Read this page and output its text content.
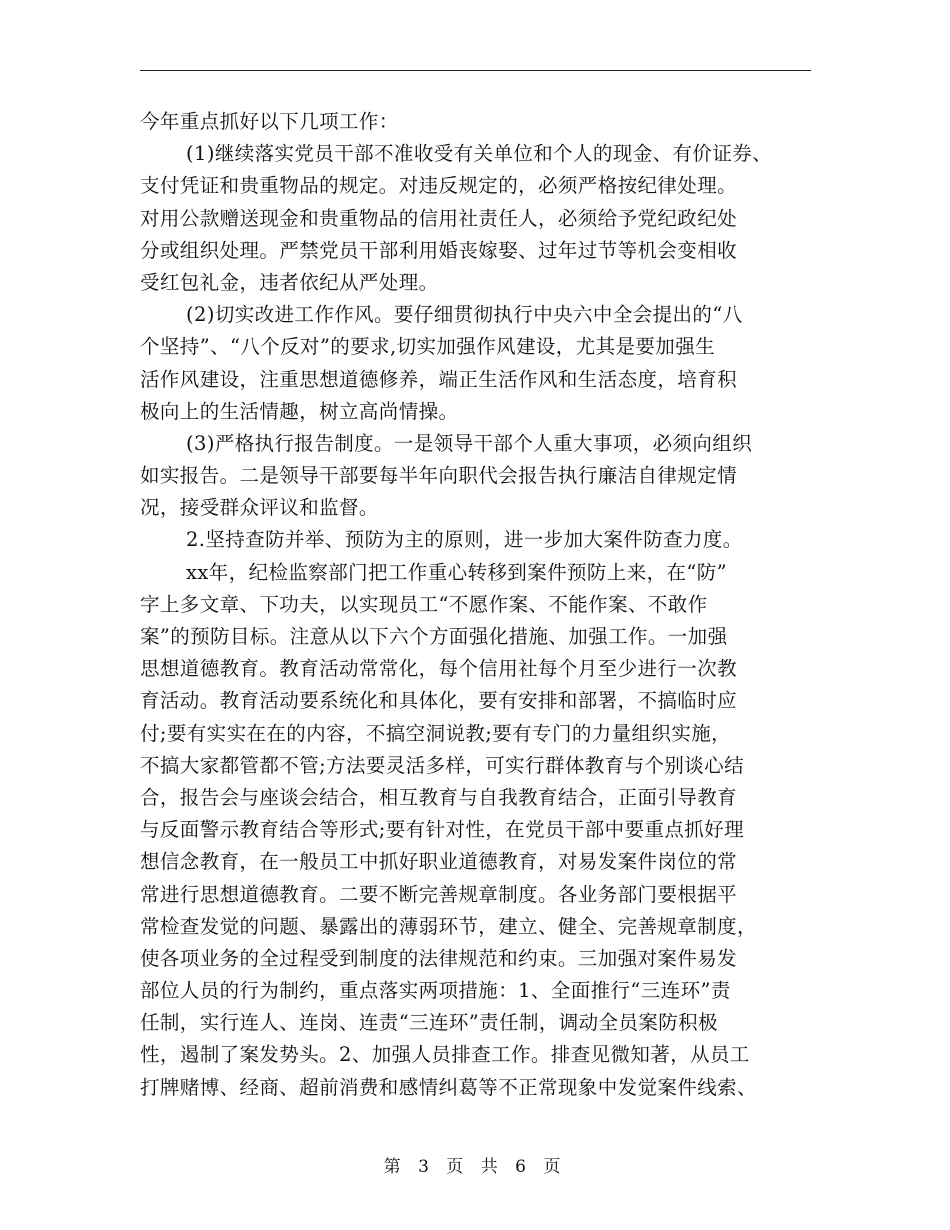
今年重点抓好以下几项工作：
(1)继续落实党员干部不准收受有关单位和个人的现金、有价证券、
支付凭证和贵重物品的规定。对违反规定的，必须严格按纪律处理。
对用公款赠送现金和贵重物品的信用社责任人，必须给予党纪政纪处
分或组织处理。严禁党员干部利用婚丧嫁娶、过年过节等机会变相收
受红包礼金，违者依纪从严处理。
(2)切实改进工作作风。要仔细贯彻执行中央六中全会提出的“八
个坚持”、“八个反对”的要求,切实加强作风建设，尤其是要加强生
活作风建设，注重思想道德修养，端正生活作风和生活态度，培育积
极向上的生活情趣，树立高尚情操。
(3)严格执行报告制度。一是领导干部个人重大事项，必须向组织
如实报告。二是领导干部要每半年向职代会报告执行廉洁自律规定情
况，接受群众评议和监督。
2.坚持查防并举、预防为主的原则，进一步加大案件防查力度。
xx年，纪检监察部门把工作重心转移到案件预防上来，在“防”
字上多文章、下功夫，以实现员工“不愿作案、不能作案、不敢作
案”的预防目标。注意从以下六个方面强化措施、加强工作。一加强
思想道德教育。教育活动常常化，每个信用社每个月至少进行一次教
育活动。教育活动要系统化和具体化，要有安排和部署，不搞临时应
付;要有实实在在的内容，不搞空洞说教;要有专门的力量组织实施，
不搞大家都管都不管;方法要灵活多样，可实行群体教育与个别谈心结
合，报告会与座谈会结合，相互教育与自我教育结合，正面引导教育
与反面警示教育结合等形式;要有针对性，在党员干部中要重点抓好理
想信念教育，在一般员工中抓好职业道德教育，对易发案件岗位的常
常进行思想道德教育。二要不断完善规章制度。各业务部门要根据平
常检查发觉的问题、暴露出的薄弱环节，建立、健全、完善规章制度，
使各项业务的全过程受到制度的法律规范和约束。三加强对案件易发
部位人员的行为制约，重点落实两项措施：1、全面推行“三连环”责
任制，实行连人、连岗、连责“三连环”责任制，调动全员案防积极
性，遏制了案发势头。2、加强人员排查工作。排查见微知著，从员工
打牌赌博、经商、超前消费和感情纠葛等不正常现象中发觉案件线索、
第 3 页 共 6 页
